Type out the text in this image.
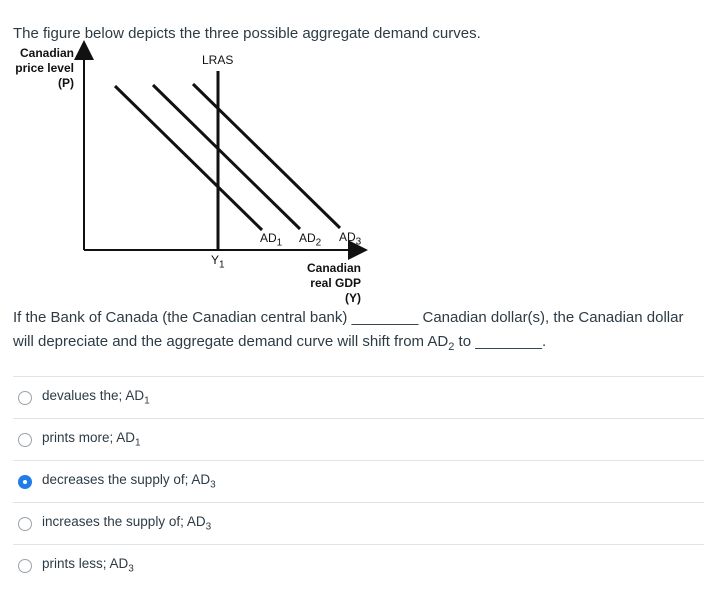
The figure below depicts the three possible aggregate demand curves.
Canadian
price level
(P)
LRAS
$Y_1$
$AD_1$ $AD_2$ $AD_3$
Canadian
real GDP
(Y)
If the Bank of Canada (the Canadian central bank) ________ Canadian dollar(s), the Canadian dollar will depreciate and the aggregate demand curve will shift from $AD_2$ to ________.
devalues the; $AD_1$
prints more; $AD_1$
decreases the supply of; $AD_3$
increases the supply of; $AD_3$
prints less; $AD_3$
